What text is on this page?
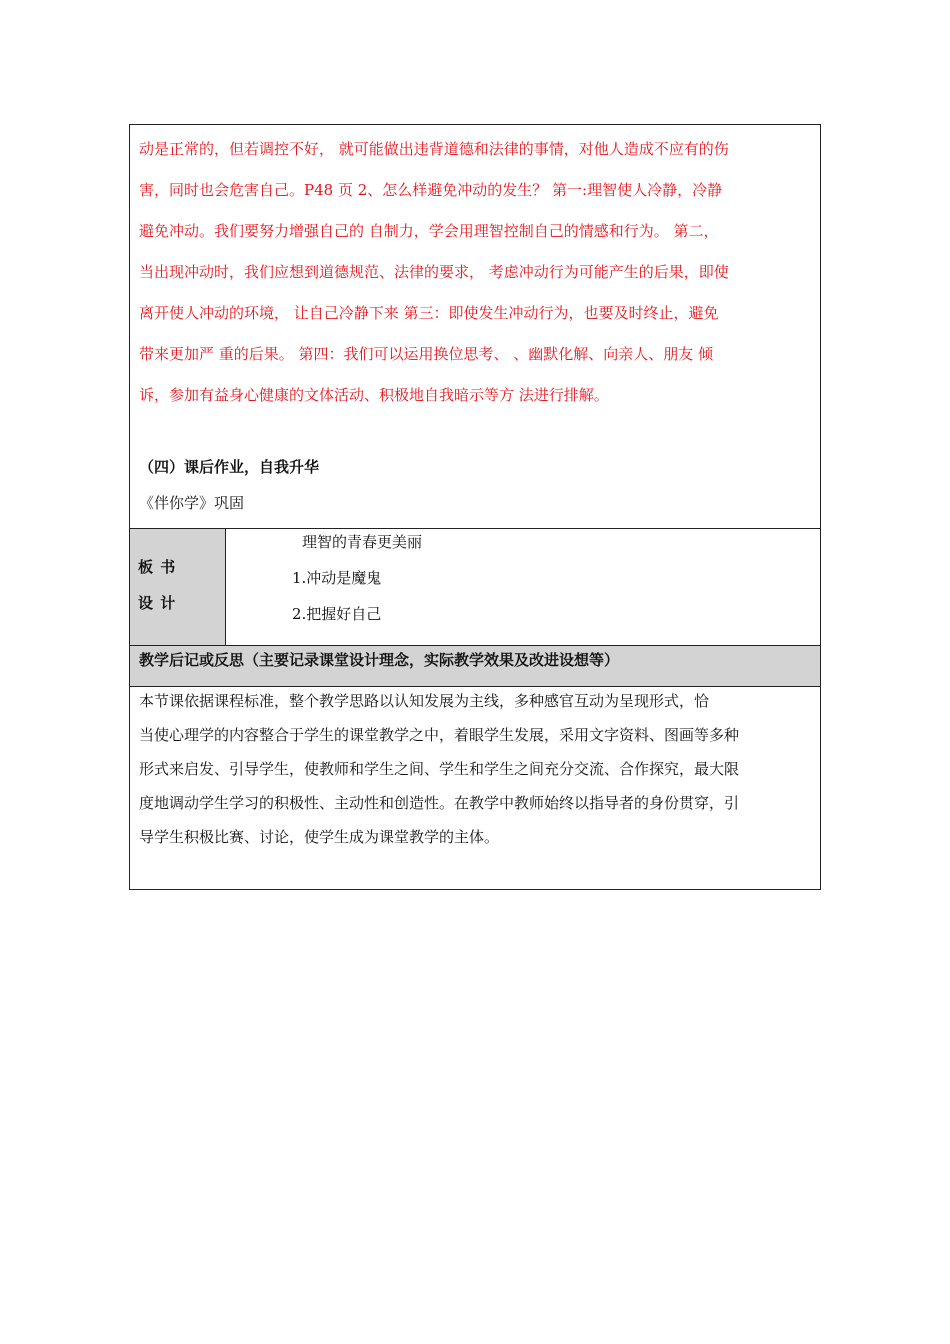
动是正常的，但若调控不好， 就可能做出违背道德和法律的事情，对他人造成不应有的伤
害，同时也会危害自己。P48 页 2、怎么样避免冲动的发生？ 第一:理智使人冷静，冷静
避免冲动。我们要努力增强自己的 自制力，学会用理智控制自己的情感和行为。 第二，
当出现冲动时，我们应想到道德规范、法律的要求， 考虑冲动行为可能产生的后果，即使
离开使人冲动的环境， 让自己冷静下来 第三：即使发生冲动行为，也要及时终止，避免
带来更加严 重的后果。 第四：我们可以运用换位思考、 、幽默化解、向亲人、朋友 倾
诉，参加有益身心健康的文体活动、积极地自我暗示等方 法进行排解。
（四）课后作业，自我升华
《伴你学》巩固
板 书
设 计
理智的青春更美丽
1.冲动是魔鬼
2.把握好自己
教学后记或反思（主要记录课堂设计理念，实际教学效果及改进设想等）
本节课依据课程标准，整个教学思路以认知发展为主线，多种感官互动为呈现形式，恰
当使心理学的内容整合于学生的课堂教学之中，着眼学生发展，采用文字资料、图画等多种
形式来启发、引导学生，使教师和学生之间、学生和学生之间充分交流、合作探究，最大限
度地调动学生学习的积极性、主动性和创造性。在教学中教师始终以指导者的身份贯穿，引
导学生积极比赛、讨论，使学生成为课堂教学的主体。
